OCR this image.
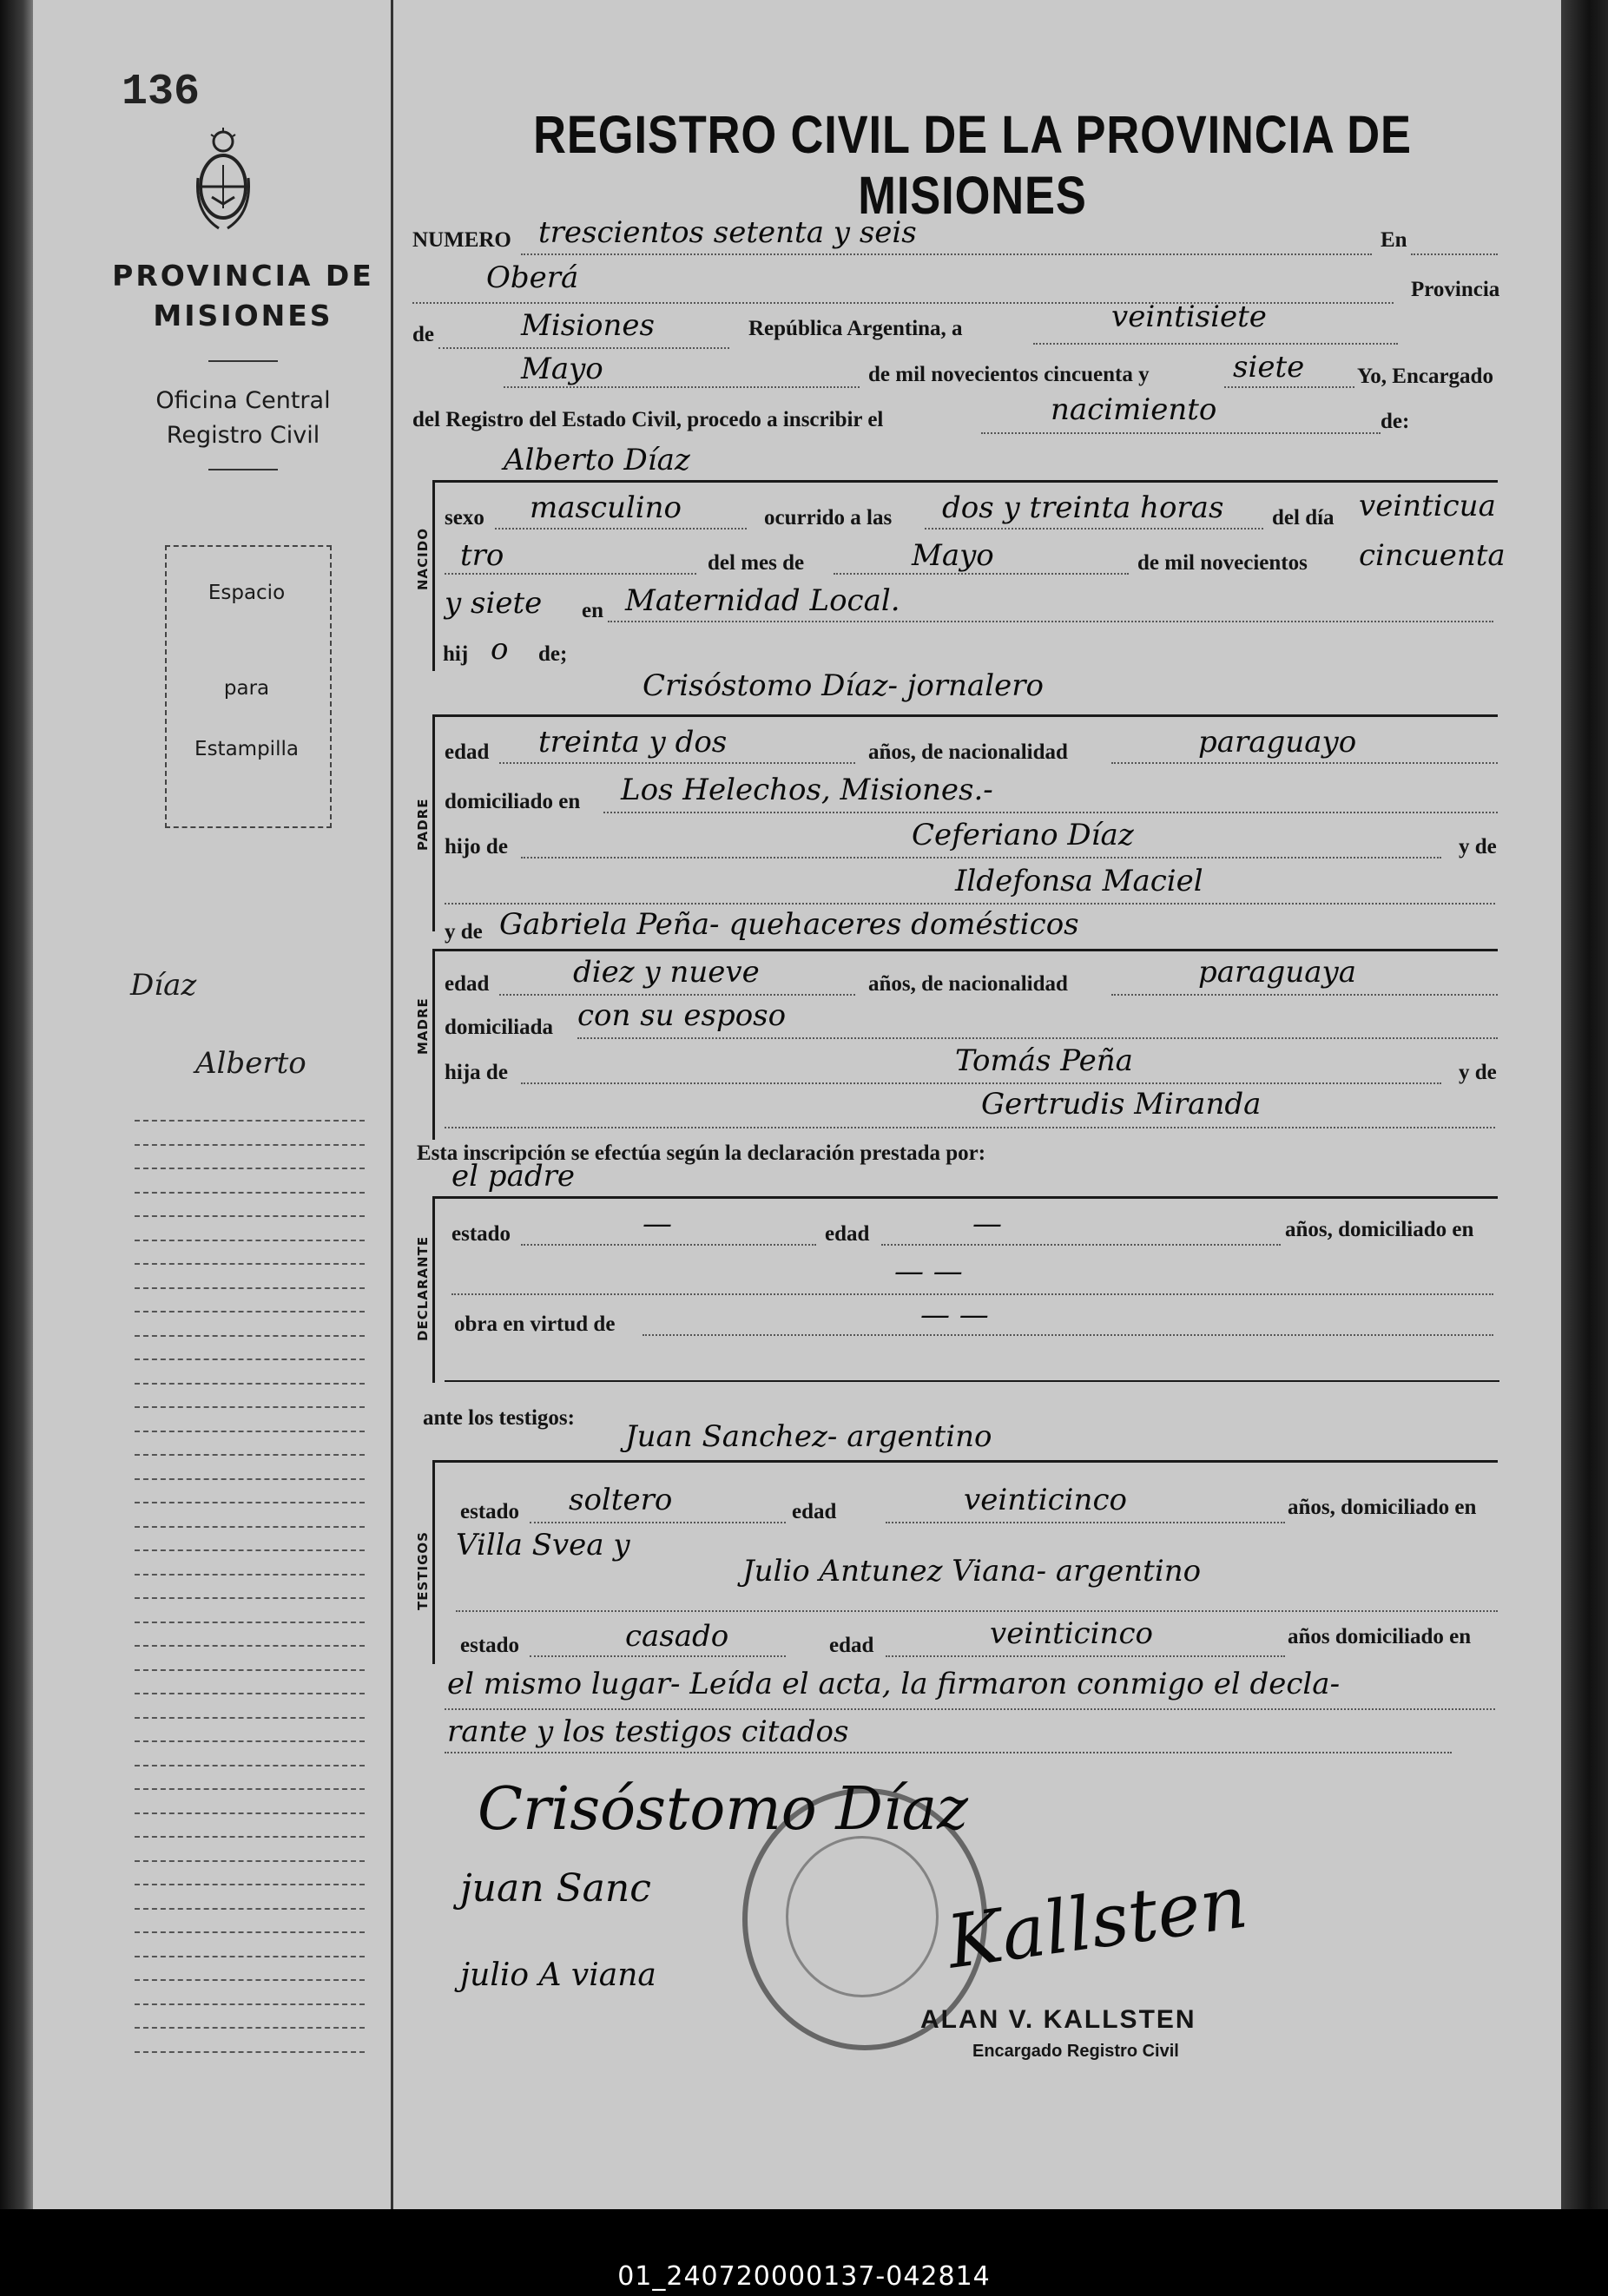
136
PROVINCIA DE
MISIONES
Oficina Central
Registro Civil
Espacio
para
Estampilla
Díaz
Alberto
REGISTRO CIVIL DE LA PROVINCIA DE MISIONES
NUMERO trescientos setenta y seis	En
Oberá	Provincia
de	Misiones	República Argentina, a	veintisiete
Mayo	de mil novecientos cincuenta y	siete Yo, Encargado
del Registro del Estado Civil, procedo a inscribir el	nacimiento	de:
Alberto Díaz
NACIDO
sexo masculino	ocurrido a las dos y treinta horas del día veinticua
tro	del mes de	Mayo	de mil novecientos cincuenta
y siete en Maternidad Local.
hij o de;
Crisóstomo Díaz- jornalero
PADRE
edad treinta y dos	años, de nacionalidad	paraguayo
domiciliado en Los Helechos, Misiones.-
hijo de	Ceferiano Díaz	y de
Ildefonsa Maciel
y de Gabriela Peña- quehaceres domésticos
MADRE
edad	diez y nueve	años, de nacionalidad	paraguaya
domiciliada con su esposo
hija de	Tomás Peña	y de
Gertrudis Miranda
Esta inscripción se efectúa según la declaración prestada por:
el padre
DECLARANTE
estado	—	edad	—	años, domiciliado en
— —
obra en virtud de	— —
ante los testigos:
Juan Sanchez- argentino
TESTIGOS
estado soltero	edad	veinticinco	años, domiciliado en
Villa Svea y
Julio Antunez Viana- argentino
estado	casado	edad	veinticinco	años domiciliado en
el mismo lugar- Leída el acta, la firmaron conmigo el decla-
rante y los testigos citados
Crisóstomo Díaz
juan Sanc
julio A viana	Kallsten
ALAN V. KALLSTEN
Encargado Registro Civil
01_240720000137-042814
